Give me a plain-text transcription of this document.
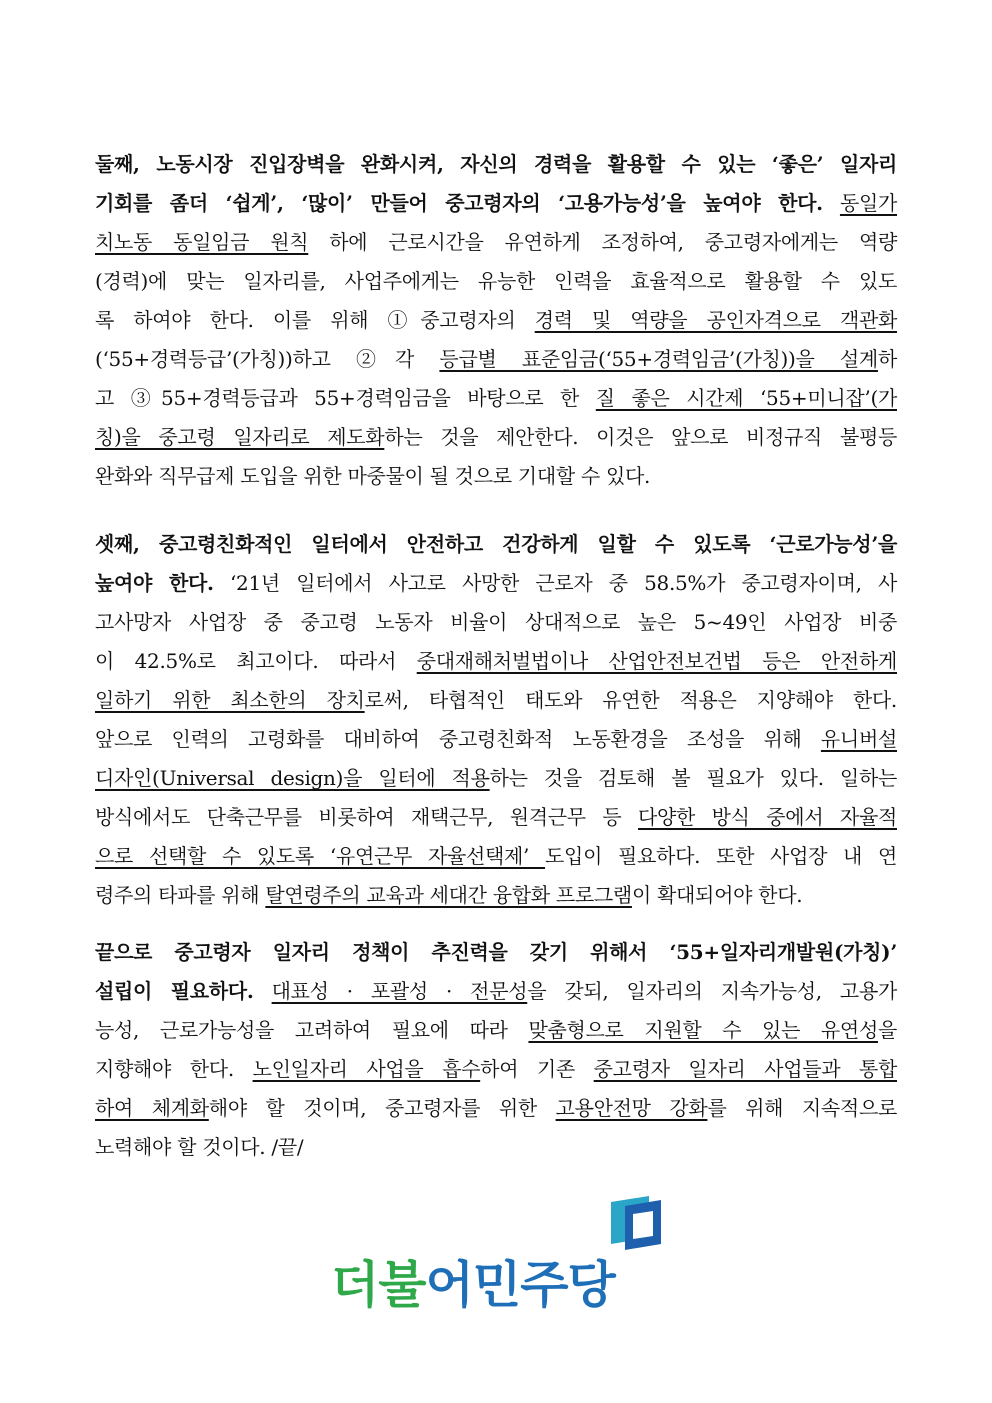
둘째, 노동시장 진입장벽을 완화시켜, 자신의 경력을 활용할 수 있는 ‘좋은’ 일자리
기회를 좀더 ‘쉽게’, ‘많이’ 만들어 중고령자의 ‘고용가능성’을 높여야 한다. 동일가
치노동 동일임금 원칙 하에 근로시간을 유연하게 조정하여, 중고령자에게는 역량
(경력)에 맞는 일자리를, 사업주에게는 유능한 인력을 효율적으로 활용할 수 있도
록 하여야 한다. 이를 위해 ①중고령자의 경력 및 역량을 공인자격으로 객관화
(‘55+경력등급’(가칭))하고 ②각 등급별 표준임금(‘55+경력임금’(가칭))을 설계하
고 ③55+경력등급과 55+경력임금을 바탕으로 한 질 좋은 시간제 ‘55+미니잡’(가
칭)을 중고령 일자리로 제도화하는 것을 제안한다. 이것은 앞으로 비정규직 불평등
완화와 직무급제 도입을 위한 마중물이 될 것으로 기대할 수 있다.
셋째, 중고령친화적인 일터에서 안전하고 건강하게 일할 수 있도록 ‘근로가능성’을
높여야 한다. ‘21년 일터에서 사고로 사망한 근로자 중 58.5%가 중고령자이며, 사
고사망자 사업장 중 중고령 노동자 비율이 상대적으로 높은 5~49인 사업장 비중
이 42.5%로 최고이다. 따라서 중대재해처벌법이나 산업안전보건법 등은 안전하게
일하기 위한 최소한의 장치로써, 타협적인 태도와 유연한 적용은 지양해야 한다.
앞으로 인력의 고령화를 대비하여 중고령친화적 노동환경을 조성을 위해 유니버설
디자인(Universal design)을 일터에 적용하는 것을 검토해 볼 필요가 있다. 일하는
방식에서도 단축근무를 비롯하여 재택근무, 원격근무 등 다양한 방식 중에서 자율적
으로 선택할 수 있도록 ‘유연근무 자율선택제’ 도입이 필요하다. 또한 사업장 내 연
령주의 타파를 위해 탈연령주의 교육과 세대간 융합화 프로그램이 확대되어야 한다.
끝으로 중고령자 일자리 정책이 추진력을 갖기 위해서 ‘55+일자리개발원(가칭)’
설립이 필요하다. 대표성 · 포괄성 · 전문성을 갖되, 일자리의 지속가능성, 고용가
능성, 근로가능성을 고려하여 필요에 따라 맞춤형으로 지원할 수 있는 유연성을
지향해야 한다. 노인일자리 사업을 흡수하여 기존 중고령자 일자리 사업들과 통합
하여 체계화해야 할 것이며, 중고령자를 위한 고용안전망 강화를 위해 지속적으로
노력해야 할 것이다. /끝/
더불어민주당
